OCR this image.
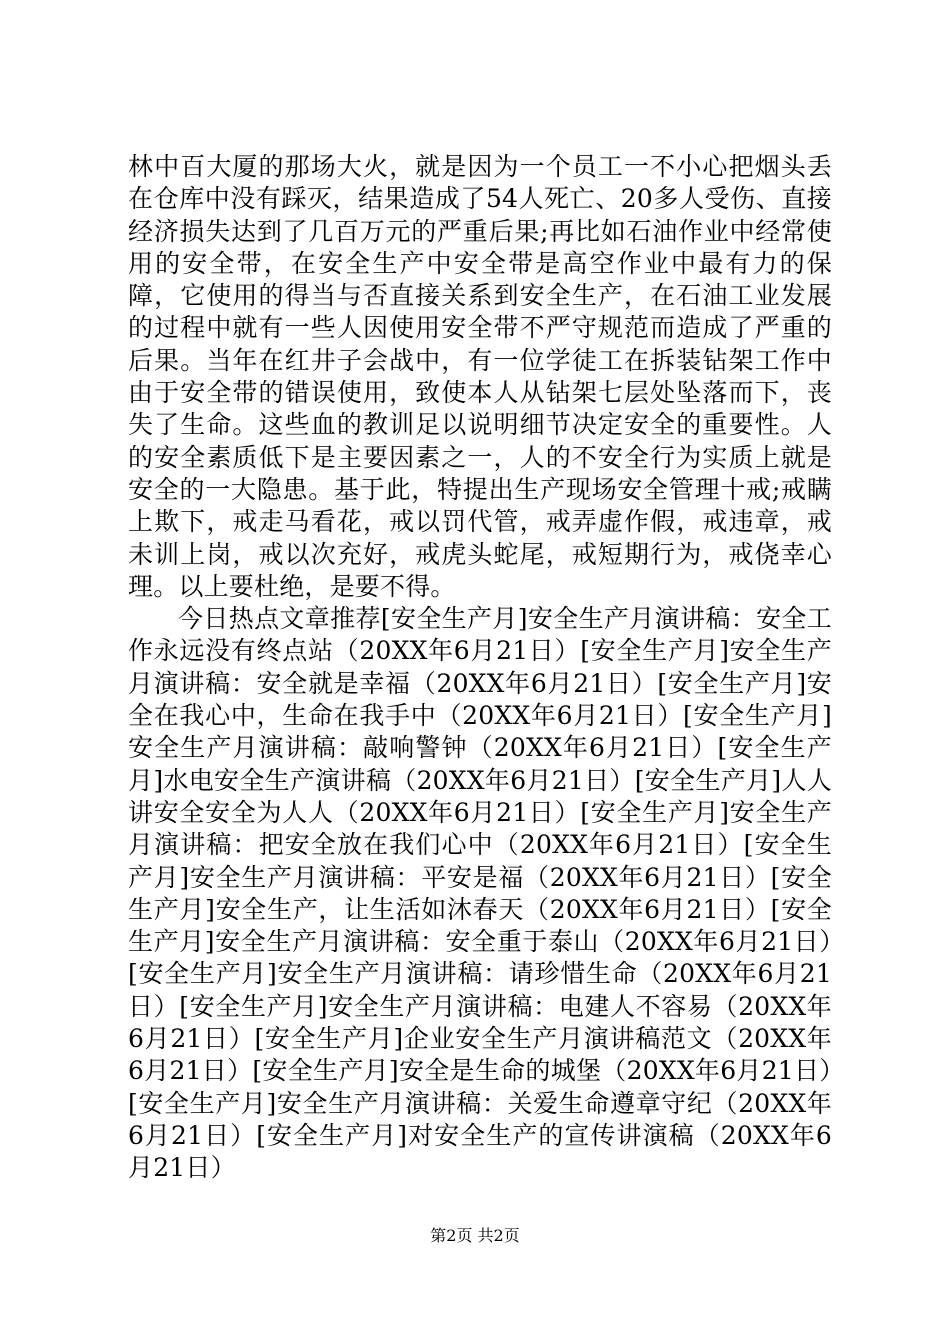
林中百大厦的那场大火，就是因为一个员工一不小心把烟头丢在仓库中没有踩灭，结果造成了54人死亡、20多人受伤、直接经济损失达到了几百万元的严重后果;再比如石油作业中经常使用的安全带，在安全生产中安全带是高空作业中最有力的保障，它使用的得当与否直接关系到安全生产，在石油工业发展的过程中就有一些人因使用安全带不严守规范而造成了严重的后果。当年在红井子会战中，有一位学徒工在拆装钻架工作中由于安全带的错误使用，致使本人从钻架七层处坠落而下，丧失了生命。这些血的教训足以说明细节决定安全的重要性。人的安全素质低下是主要因素之一，人的不安全行为实质上就是安全的一大隐患。基于此，特提出生产现场安全管理十戒;戒瞒上欺下，戒走马看花，戒以罚代管，戒弄虚作假，戒违章，戒未训上岗，戒以次充好，戒虎头蛇尾，戒短期行为，戒侥幸心理。以上要杜绝，是要不得。

今日热点文章推荐[安全生产月]安全生产月演讲稿：安全工作永远没有终点站（20XX年6月21日）[安全生产月]安全生产月演讲稿：安全就是幸福（20XX年6月21日）[安全生产月]安全在我心中，生命在我手中（20XX年6月21日）[安全生产月]安全生产月演讲稿：敲响警钟（20XX年6月21日）[安全生产月]水电安全生产演讲稿（20XX年6月21日）[安全生产月]人人讲安全安全为人人（20XX年6月21日）[安全生产月]安全生产月演讲稿：把安全放在我们心中（20XX年6月21日）[安全生产月]安全生产月演讲稿：平安是福（20XX年6月21日）[安全生产月]安全生产，让生活如沐春天（20XX年6月21日）[安全生产月]安全生产月演讲稿：安全重于泰山（20XX年6月21日）[安全生产月]安全生产月演讲稿：请珍惜生命（20XX年6月21日）[安全生产月]安全生产月演讲稿：电建人不容易（20XX年6月21日）[安全生产月]企业安全生产月演讲稿范文（20XX年6月21日）[安全生产月]安全是生命的城堡（20XX年6月21日）[安全生产月]安全生产月演讲稿：关爱生命遵章守纪（20XX年6月21日）[安全生产月]对安全生产的宣传讲演稿（20XX年6月21日）

第2页 共2页
